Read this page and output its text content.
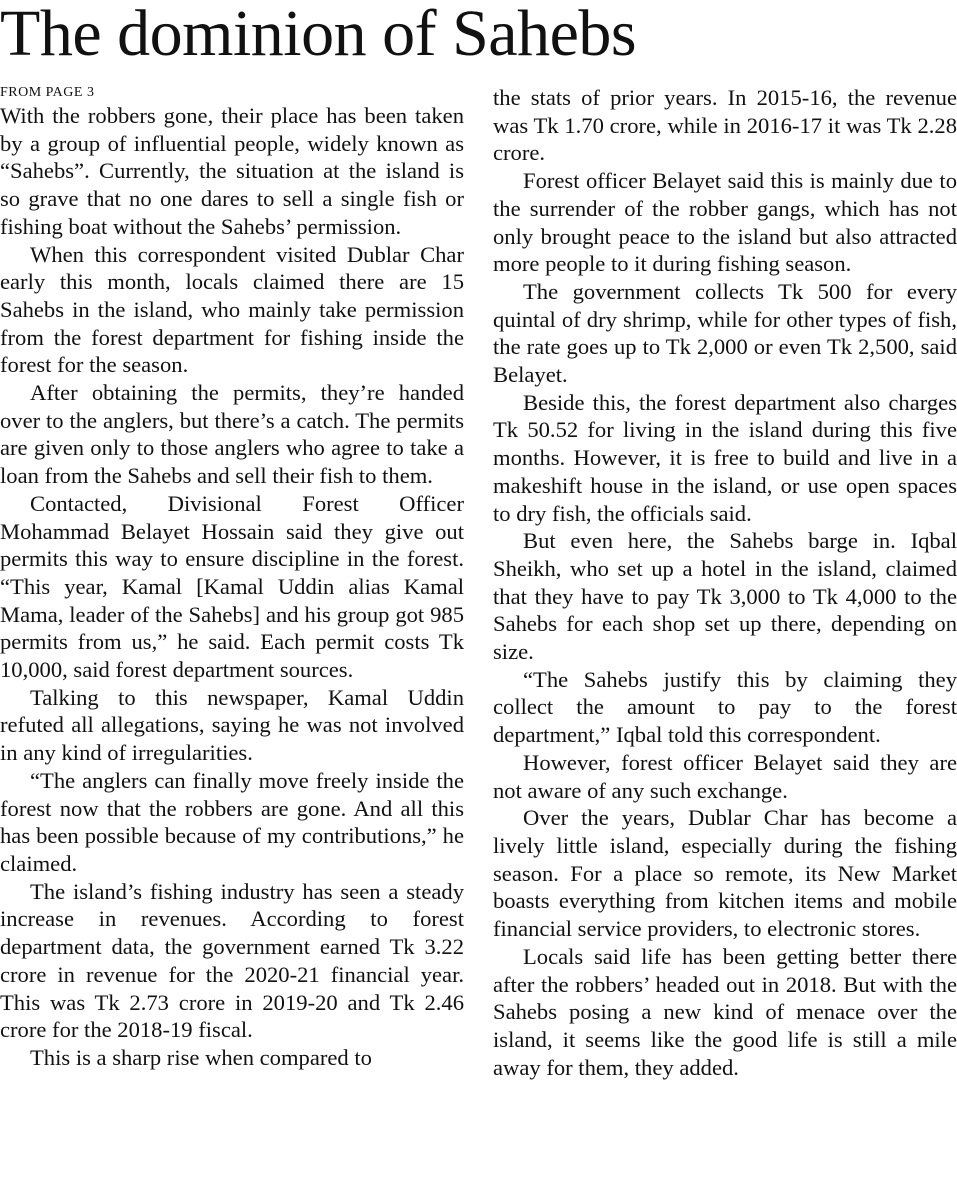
The dominion of Sahebs
FROM PAGE 3

With the robbers gone, their place has been taken by a group of influential people, widely known as “Sahebs”. Currently, the situation at the island is so grave that no one dares to sell a single fish or fishing boat without the Sahebs’ permission.

When this correspondent visited Dublar Char early this month, locals claimed there are 15 Sahebs in the island, who mainly take permission from the forest department for fishing inside the forest for the season.

After obtaining the permits, they’re handed over to the anglers, but there’s a catch. The permits are given only to those anglers who agree to take a loan from the Sahebs and sell their fish to them.

Contacted, Divisional Forest Officer Mohammad Belayet Hossain said they give out permits this way to ensure discipline in the forest. “This year, Kamal [Kamal Uddin alias Kamal Mama, leader of the Sahebs] and his group got 985 permits from us,” he said. Each permit costs Tk 10,000, said forest department sources.

Talking to this newspaper, Kamal Uddin refuted all allegations, saying he was not involved in any kind of irregularities.

“The anglers can finally move freely inside the forest now that the robbers are gone. And all this has been possible because of my contributions,” he claimed.

The island’s fishing industry has seen a steady increase in revenues. According to forest department data, the government earned Tk 3.22 crore in revenue for the 2020-21 financial year. This was Tk 2.73 crore in 2019-20 and Tk 2.46 crore for the 2018-19 fiscal.

This is a sharp rise when compared to

the stats of prior years. In 2015-16, the revenue was Tk 1.70 crore, while in 2016-17 it was Tk 2.28 crore.

Forest officer Belayet said this is mainly due to the surrender of the robber gangs, which has not only brought peace to the island but also attracted more people to it during fishing season.

The government collects Tk 500 for every quintal of dry shrimp, while for other types of fish, the rate goes up to Tk 2,000 or even Tk 2,500, said Belayet.

Beside this, the forest department also charges Tk 50.52 for living in the island during this five months. However, it is free to build and live in a makeshift house in the island, or use open spaces to dry fish, the officials said.

But even here, the Sahebs barge in. Iqbal Sheikh, who set up a hotel in the island, claimed that they have to pay Tk 3,000 to Tk 4,000 to the Sahebs for each shop set up there, depending on size.

“The Sahebs justify this by claiming they collect the amount to pay to the forest department,” Iqbal told this correspondent.

However, forest officer Belayet said they are not aware of any such exchange.

Over the years, Dublar Char has become a lively little island, especially during the fishing season. For a place so remote, its New Market boasts everything from kitchen items and mobile financial service providers, to electronic stores.

Locals said life has been getting better there after the robbers’ headed out in 2018. But with the Sahebs posing a new kind of menace over the island, it seems like the good life is still a mile away for them, they added.
